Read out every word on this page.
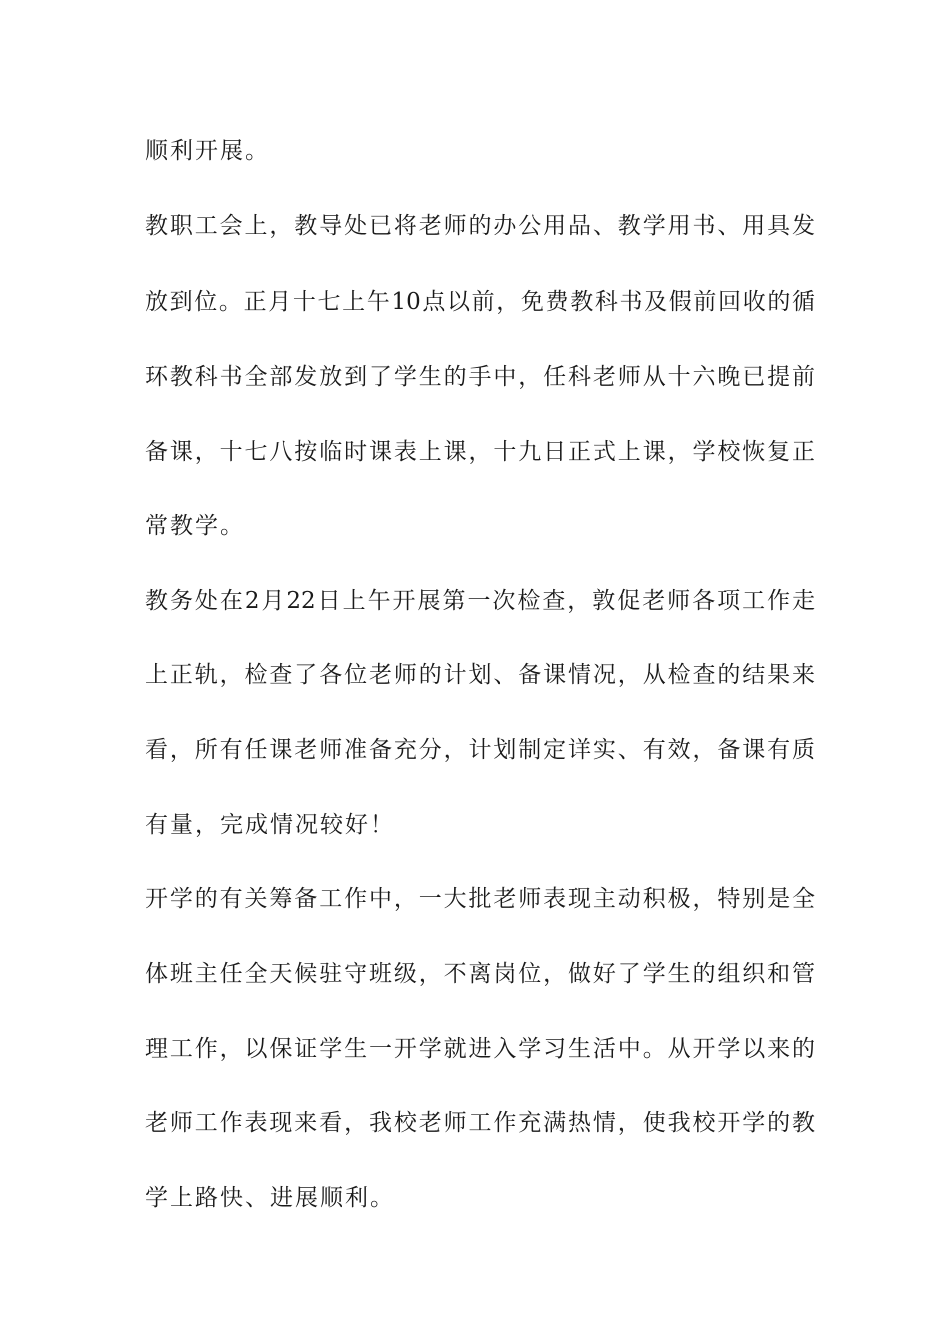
顺利开展。
教职工会上，教导处已将老师的办公用品、教学用书、用具发
放到位。正月十七上午10点以前，免费教科书及假前回收的循
环教科书全部发放到了学生的手中，任科老师从十六晚已提前
备课，十七八按临时课表上课，十九日正式上课，学校恢复正
常教学。
教务处在2月22日上午开展第一次检查，敦促老师各项工作走
上正轨，检查了各位老师的计划、备课情况，从检查的结果来
看，所有任课老师准备充分，计划制定详实、有效，备课有质
有量，完成情况较好！
开学的有关筹备工作中，一大批老师表现主动积极，特别是全
体班主任全天候驻守班级，不离岗位，做好了学生的组织和管
理工作，以保证学生一开学就进入学习生活中。从开学以来的
老师工作表现来看，我校老师工作充满热情，使我校开学的教
学上路快、进展顺利。
